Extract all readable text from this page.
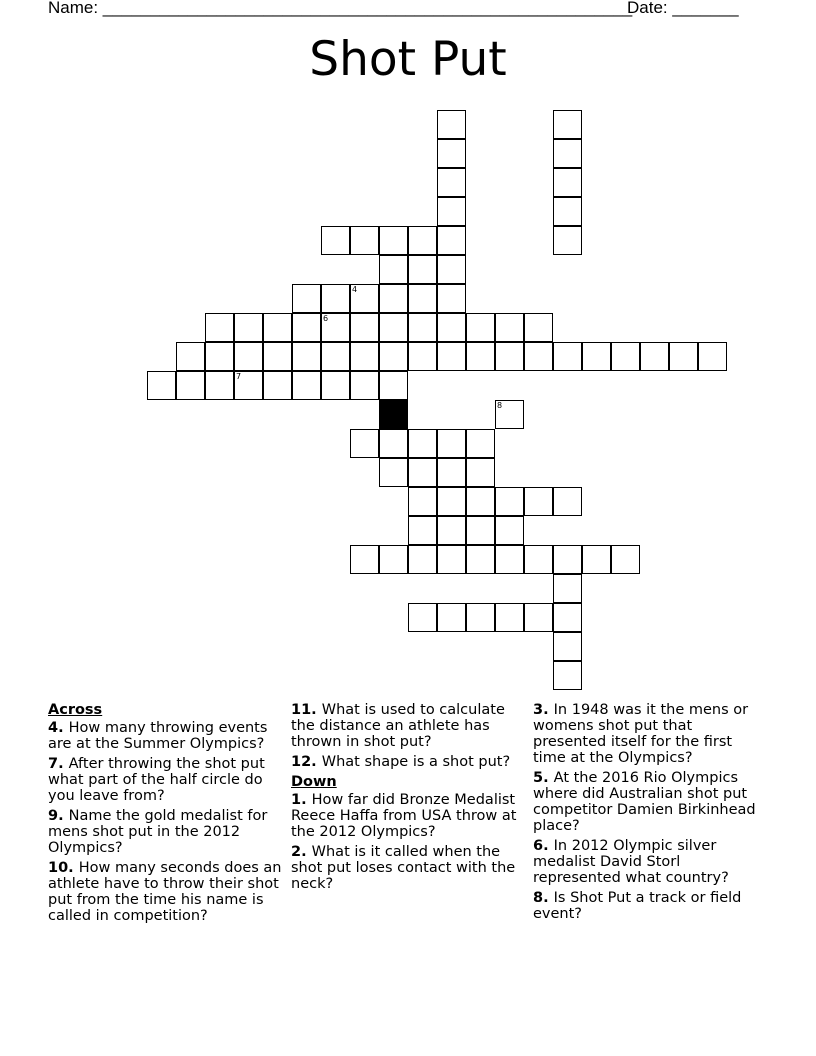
Name: ________________________________________________________
Date: _______
Shot Put
7
6
4
8
Across
4. How many throwing events are at the Summer Olympics?
7. After throwing the shot put what part of the half circle do you leave from?
9. Name the gold medalist for mens shot put in the 2012 Olympics?
10. How many seconds does an athlete have to throw their shot put from the time his name is called in competition?
11. What is used to calculate the distance an athlete has thrown in shot put?
12. What shape is a shot put?
Down
1. How far did Bronze Medalist Reece Haffa from USA throw at the 2012 Olympics?
2. What is it called when the shot put loses contact with the neck?
3. In 1948 was it the mens or womens shot put that presented itself for the first time at the Olympics?
5. At the 2016 Rio Olympics where did Australian shot put competitor Damien Birkinhead place?
6. In 2012 Olympic silver medalist David Storl represented what country?
8. Is Shot Put a track or field event?
